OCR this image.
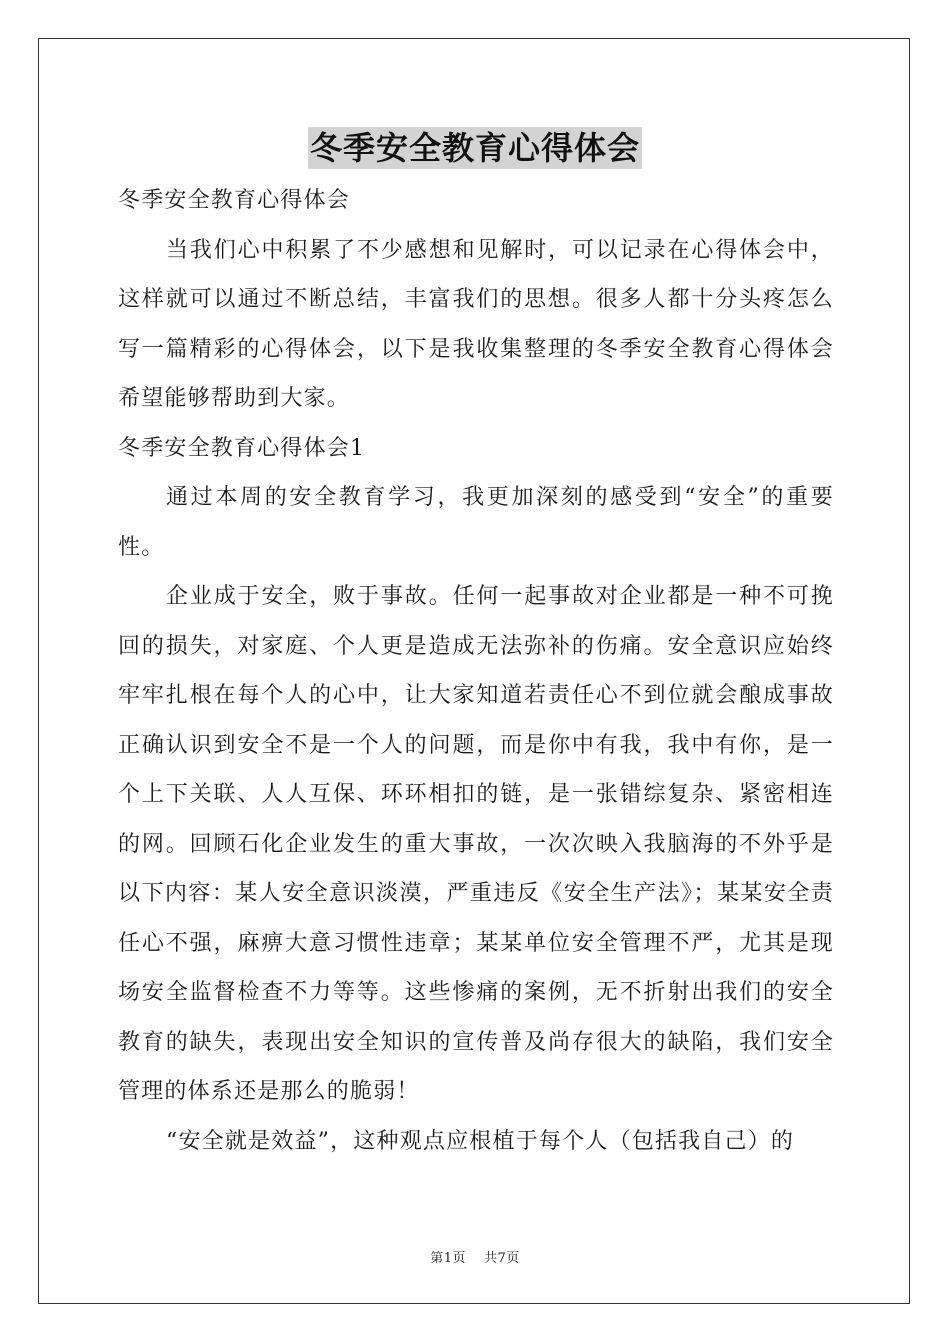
冬季安全教育心得体会

冬季安全教育心得体会

当我们心中积累了不少感想和见解时，可以记录在心得体会中，这样就可以通过不断总结，丰富我们的思想。很多人都十分头疼怎么写一篇精彩的心得体会，以下是我收集整理的冬季安全教育心得体会希望能够帮助到大家。

冬季安全教育心得体会1

通过本周的安全教育学习，我更加深刻的感受到“安全”的重要性。

企业成于安全，败于事故。任何一起事故对企业都是一种不可挽回的损失，对家庭、个人更是造成无法弥补的伤痛。安全意识应始终牢牢扎根在每个人的心中，让大家知道若责任心不到位就会酿成事故正确认识到安全不是一个人的问题，而是你中有我，我中有你，是一个上下关联、人人互保、环环相扣的链，是一张错综复杂、紧密相连的网。回顾石化企业发生的重大事故，一次次映入我脑海的不外乎是以下内容：某人安全意识淡漠，严重违反《安全生产法》；某某安全责任心不强，麻痹大意习惯性违章；某某单位安全管理不严，尤其是现场安全监督检查不力等等。这些惨痛的案例，无不折射出我们的安全教育的缺失，表现出安全知识的宣传普及尚存很大的缺陷，我们安全管理的体系还是那么的脆弱！

“安全就是效益”，这种观点应根植于每个人（包括我自己）的

第1页 共7页
